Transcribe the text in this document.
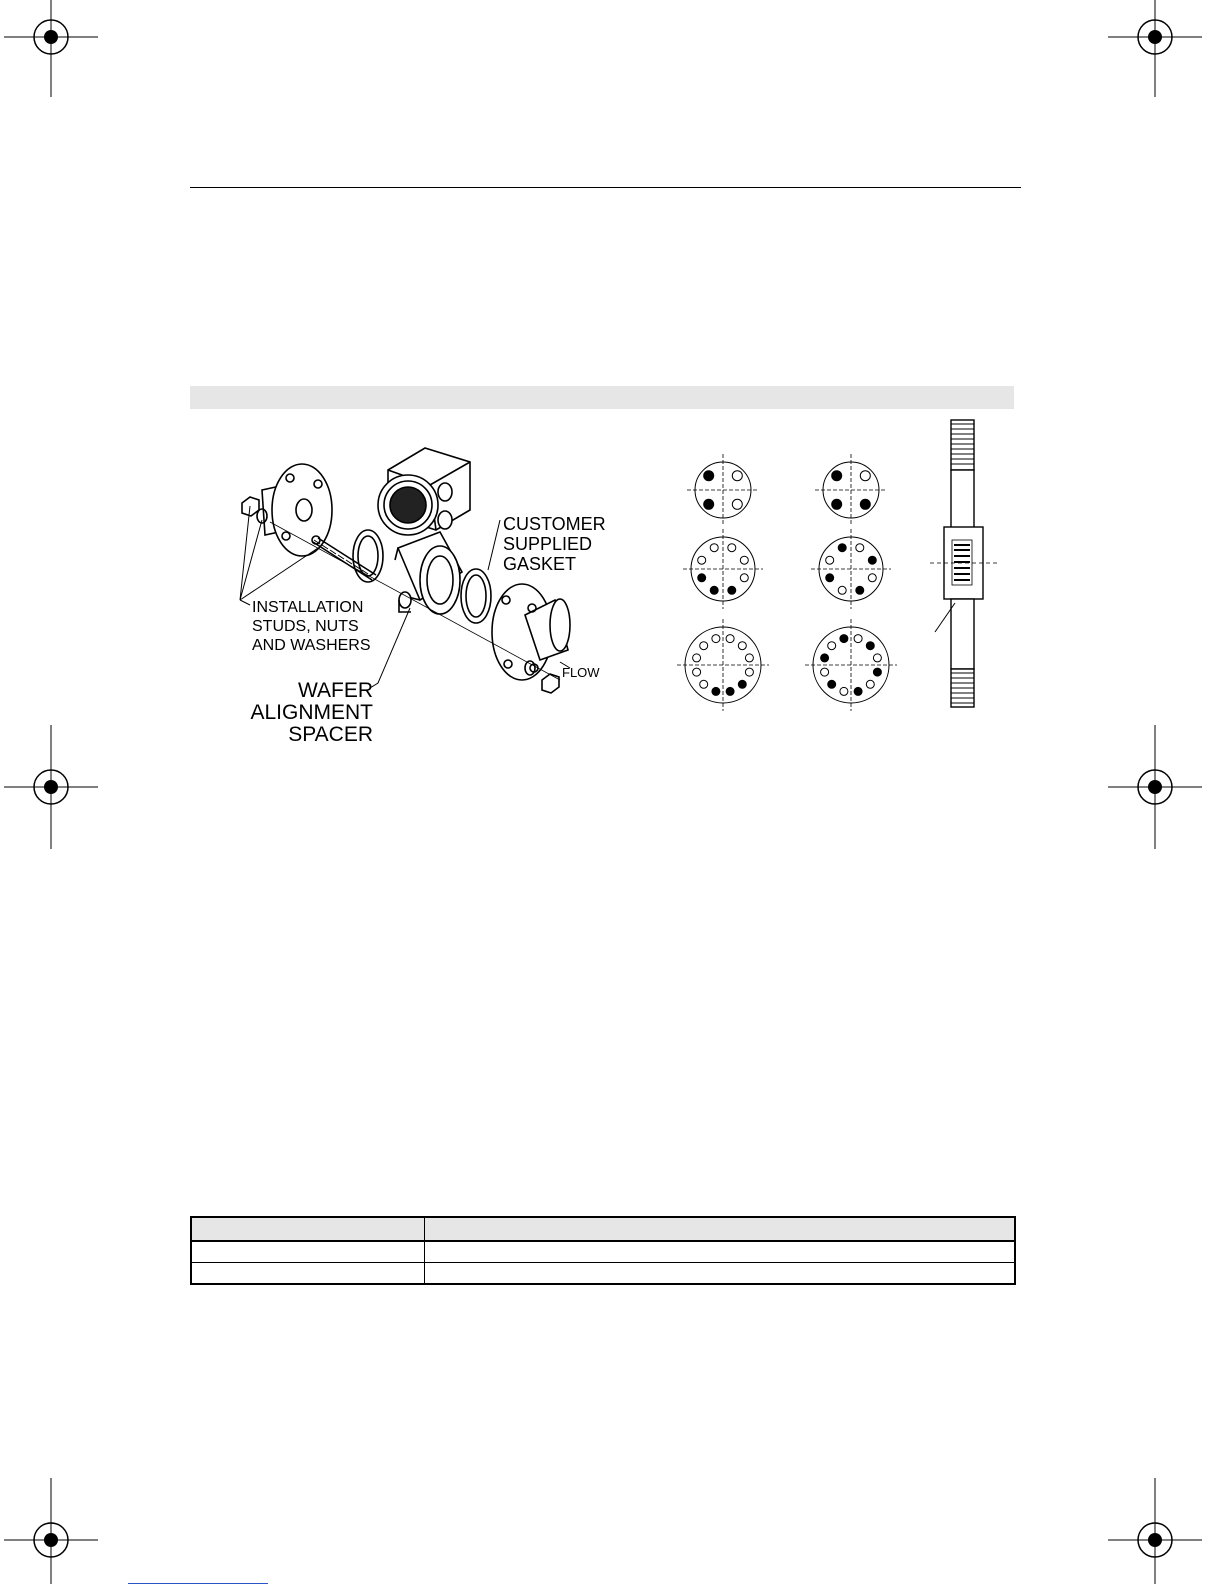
CUSTOMER
SUPPLIED
GASKET
INSTALLATION
STUDS, NUTS
AND WASHERS
WAFER
ALIGNMENT
SPACER
FLOW
